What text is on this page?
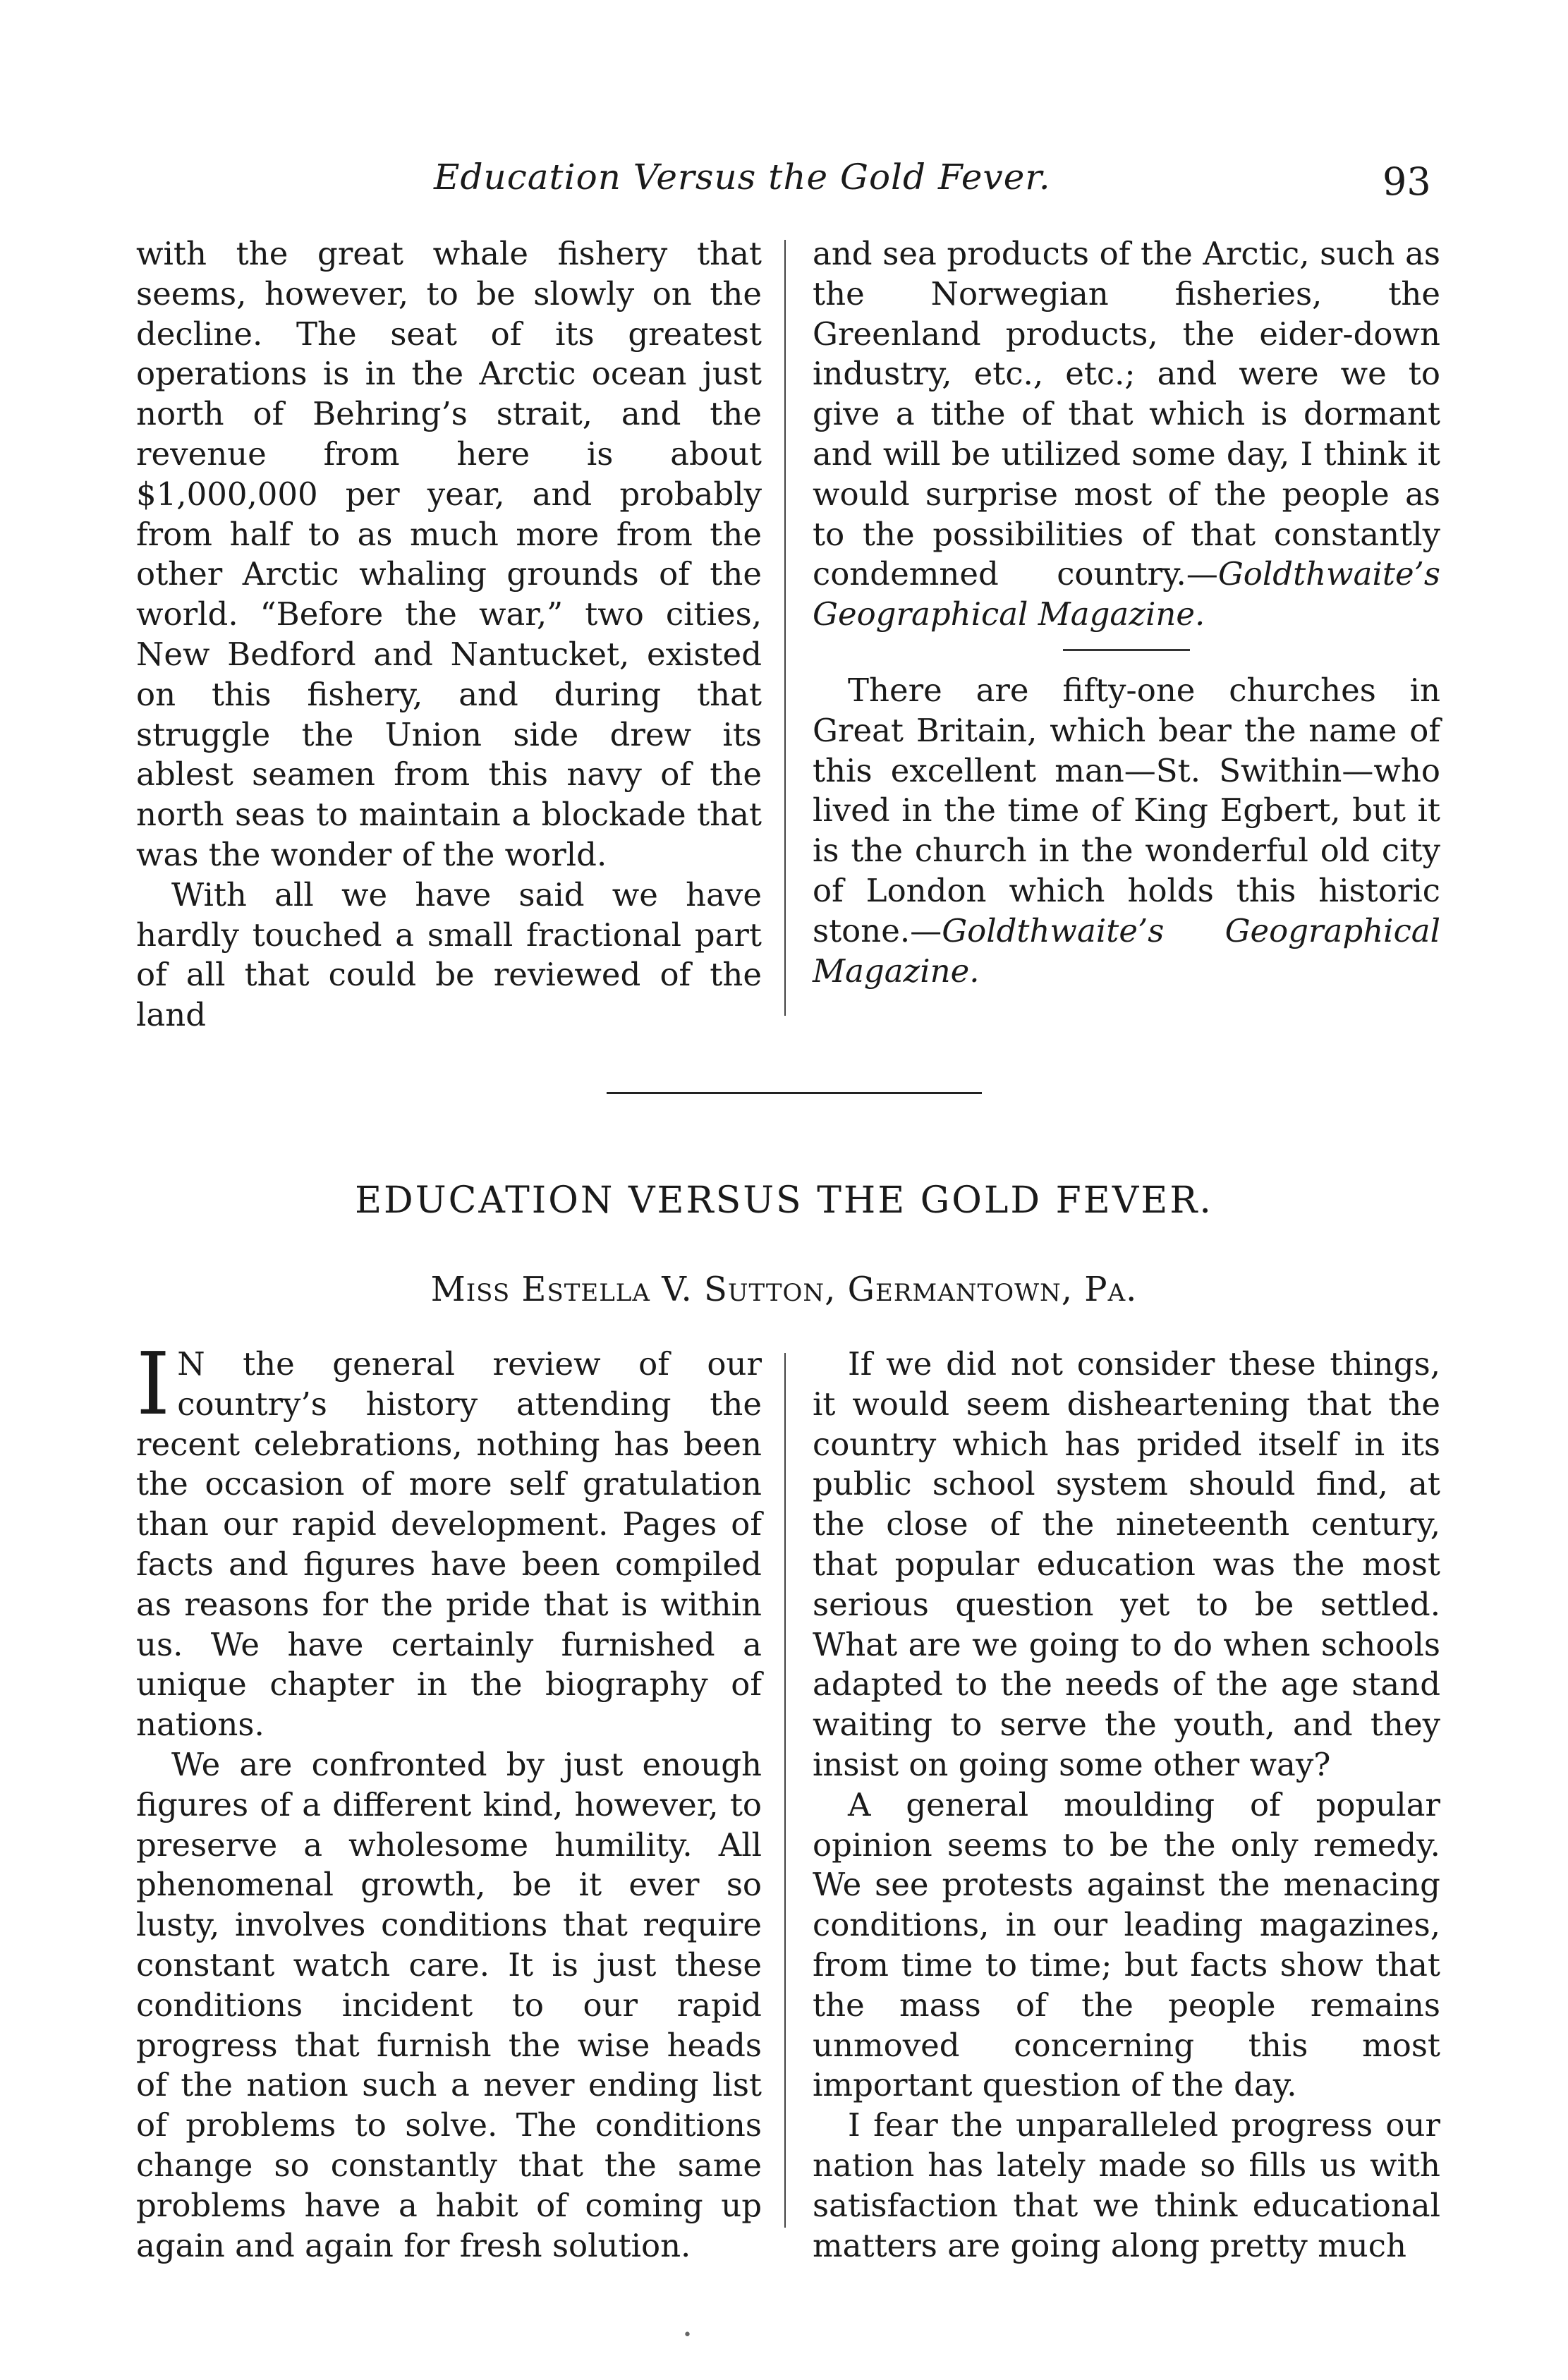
Education Versus the Gold Fever.	93

with the great whale fishery that seems, however, to be slowly on the decline. The seat of its greatest operations is in the Arctic ocean just north of Behring’s strait, and the revenue from here is about $1,000,000 per year, and probably from half to as much more from the other Arctic whaling grounds of the world. “Before the war,” two cities, New Bedford and Nantucket, existed on this fishery, and during that struggle the Union side drew its ablest seamen from this navy of the north seas to maintain a blockade that was the wonder of the world.

With all we have said we have hardly touched a small fractional part of all that could be reviewed of the land

and sea products of the Arctic, such as the Norwegian fisheries, the Greenland products, the eider-down industry, etc., etc.; and were we to give a tithe of that which is dormant and will be utilized some day, I think it would surprise most of the people as to the possibilities of that constantly condemned country.—Goldthwaite’s Geographical Magazine.

There are fifty-one churches in Great Britain, which bear the name of this excellent man—St. Swithin—who lived in the time of King Egbert, but it is the church in the wonderful old city of London which holds this historic stone.—Goldthwaite’s Geographical Magazine.

EDUCATION VERSUS THE GOLD FEVER.
Miss Estella V. Sutton, Germantown, Pa.

I N the general review of our country’s history attending the recent celebrations, nothing has been the occasion of more self gratulation than our rapid development. Pages of facts and figures have been compiled as reasons for the pride that is within us. We have certainly furnished a unique chapter in the biography of nations.

We are confronted by just enough figures of a different kind, however, to preserve a wholesome humility. All phenomenal growth, be it ever so lusty, involves conditions that require constant watch care. It is just these conditions incident to our rapid progress that furnish the wise heads of the nation such a never ending list of problems to solve. The conditions change so constantly that the same problems have a habit of coming up again and again for fresh solution.

If we did not consider these things, it would seem disheartening that the country which has prided itself in its public school system should find, at the close of the nineteenth century, that popular education was the most serious question yet to be settled. What are we going to do when schools adapted to the needs of the age stand waiting to serve the youth, and they insist on going some other way?

A general moulding of popular opinion seems to be the only remedy. We see protests against the menacing conditions, in our leading magazines, from time to time; but facts show that the mass of the people remains unmoved concerning this most important question of the day.

I fear the unparalleled progress our nation has lately made so fills us with satisfaction that we think educational matters are going along pretty much

•
